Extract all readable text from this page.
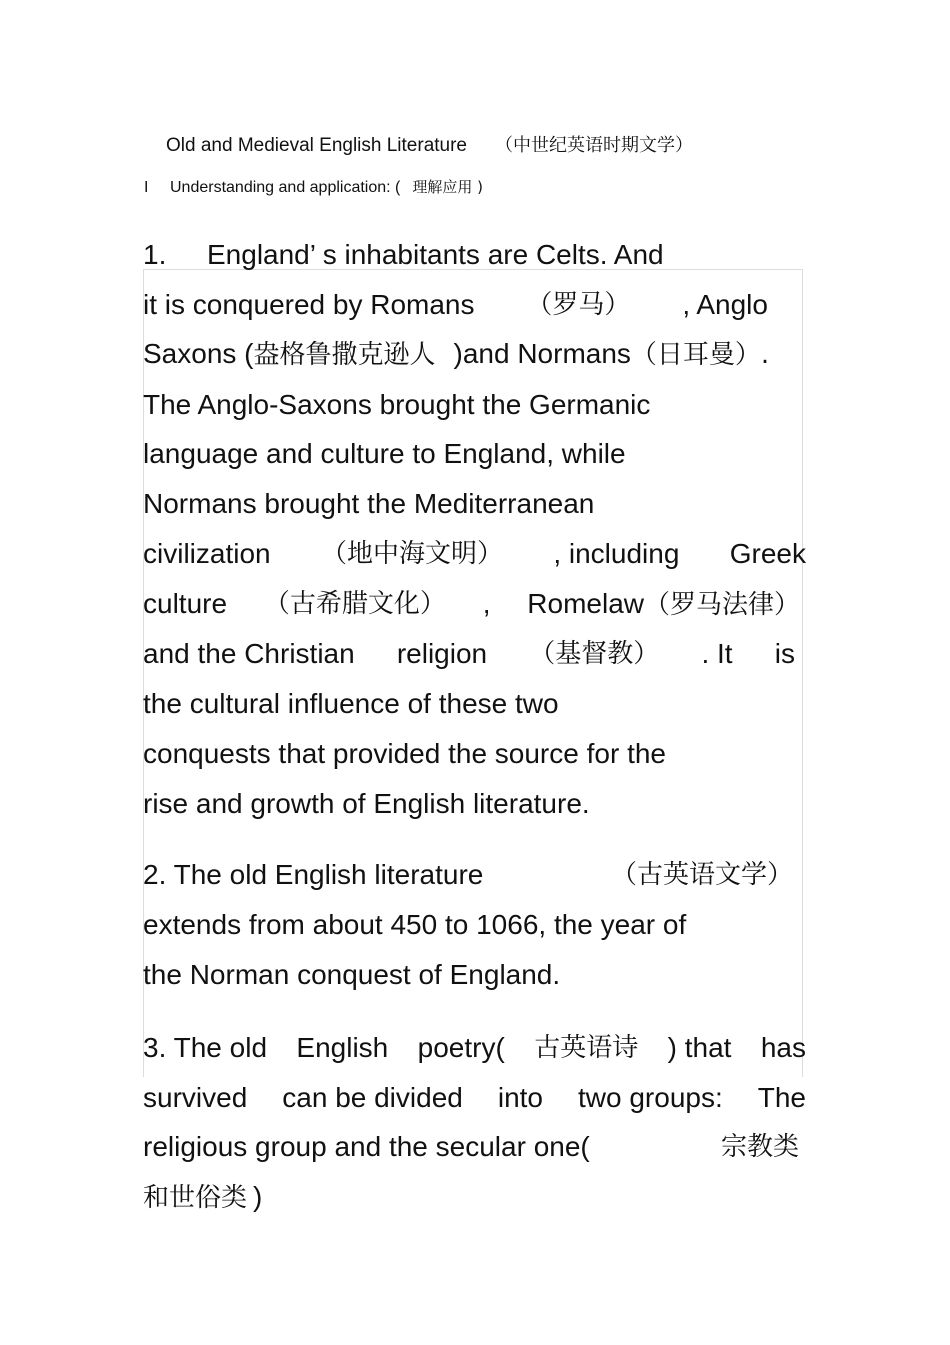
Old and Medieval English Literature （中世纪英语时期文学）
I Understanding and application: ( 理解应用 )
1. England’ s inhabitants are Celts. And
it is conquered by Romans （罗马） , Anglo
Saxons (盎格鲁撒克逊人 )and Normans（日耳曼）.
The Anglo-Saxons brought the Germanic
language and culture to England, while
Normans brought the Mediterranean
civilization （地中海文明） , including Greek
culture （古希腊文化） , Romelaw（罗马法律）
and the Christian religion （基督教） . It is
the cultural influence of these two
conquests that provided the source for the
rise and growth of English literature.
2. The old English literature	（古英语文学）
extends from about 450 to 1066, the year of
the Norman conquest of England.
3. The old English poetry( 古英语诗 ) that has
survived can be divided into two groups: The
religious group and the secular one(	宗教类
和世俗类 )
